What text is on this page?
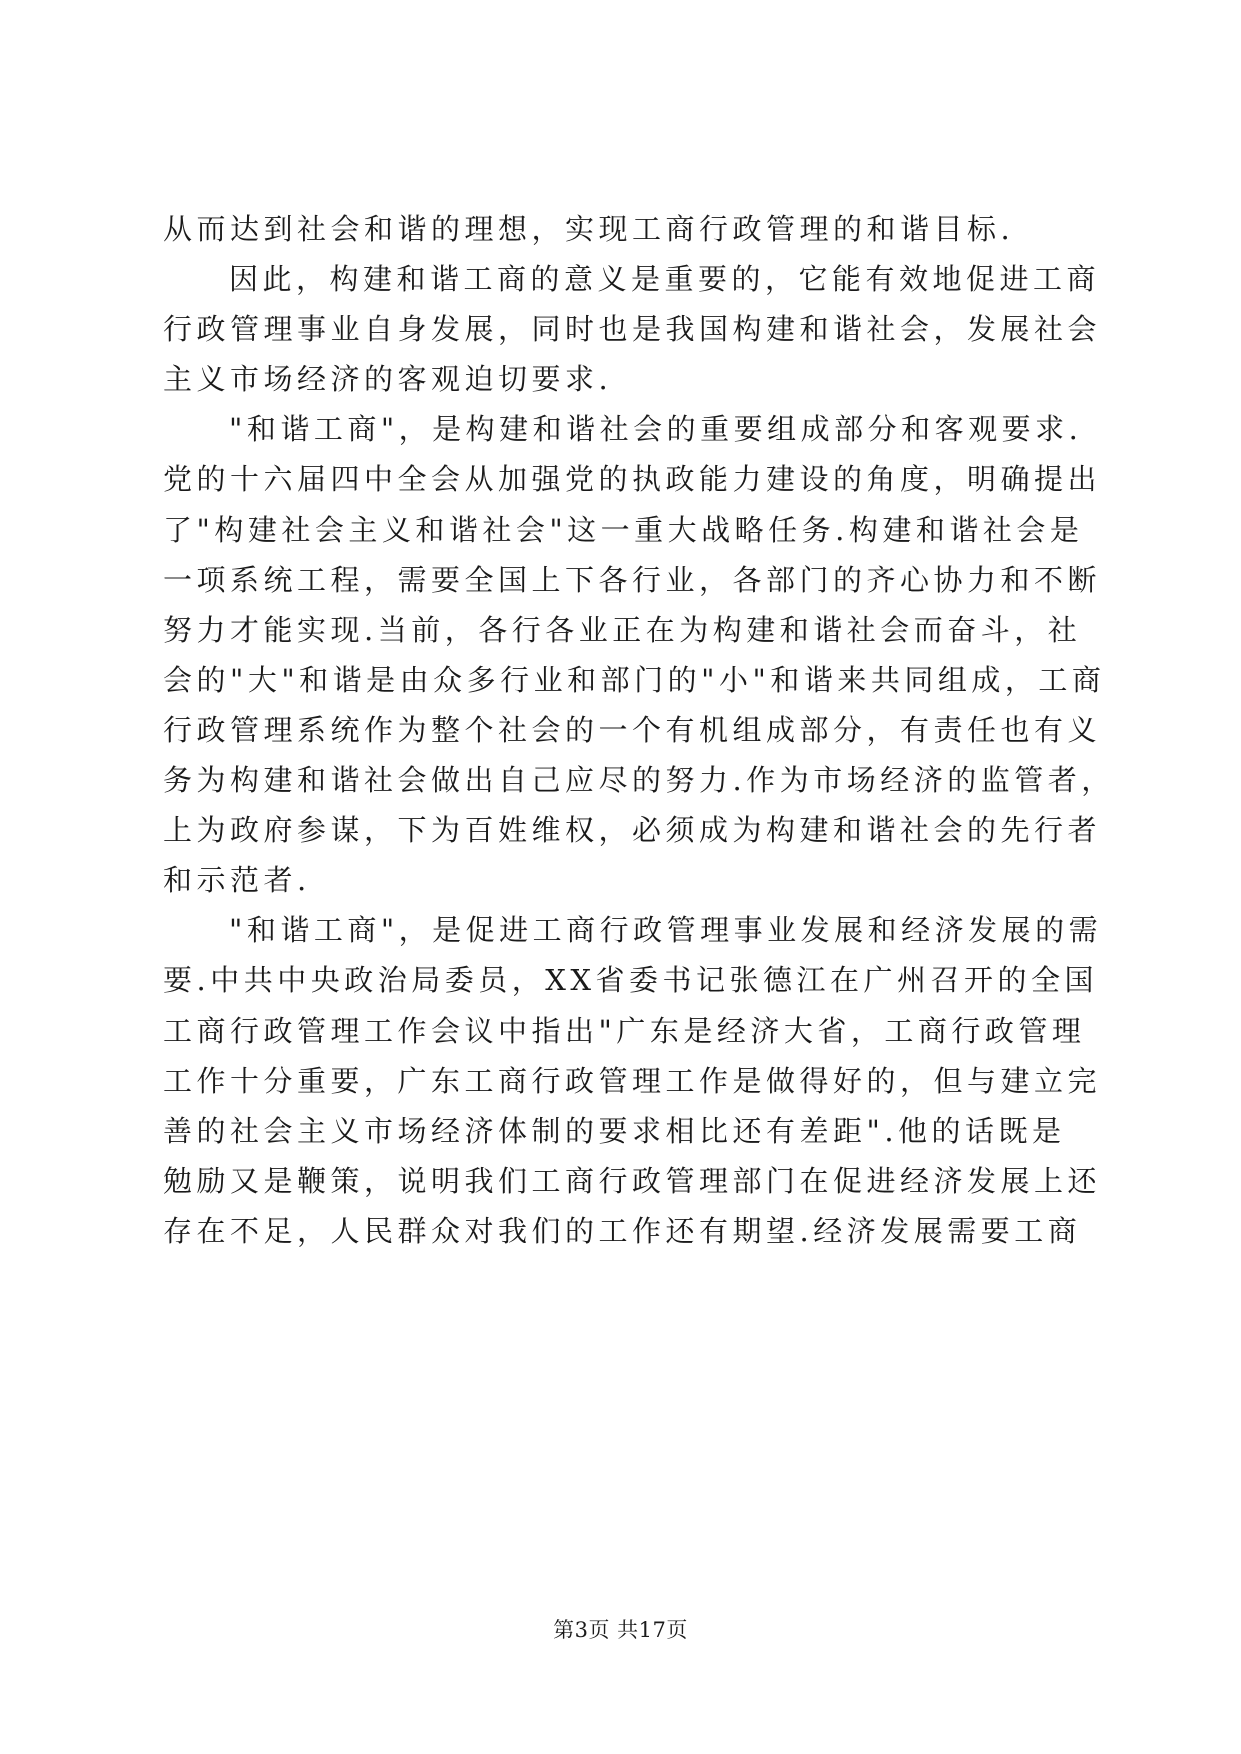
从而达到社会和谐的理想，实现工商行政管理的和谐目标.
因此，构建和谐工商的意义是重要的，它能有效地促进工商
行政管理事业自身发展，同时也是我国构建和谐社会，发展社会
主义市场经济的客观迫切要求.
"和谐工商"，是构建和谐社会的重要组成部分和客观要求.
党的十六届四中全会从加强党的执政能力建设的角度，明确提出
了"构建社会主义和谐社会"这一重大战略任务.构建和谐社会是
一项系统工程，需要全国上下各行业，各部门的齐心协力和不断
努力才能实现.当前，各行各业正在为构建和谐社会而奋斗，社
会的"大"和谐是由众多行业和部门的"小"和谐来共同组成，工商
行政管理系统作为整个社会的一个有机组成部分，有责任也有义
务为构建和谐社会做出自己应尽的努力.作为市场经济的监管者，
上为政府参谋，下为百姓维权，必须成为构建和谐社会的先行者
和示范者.
"和谐工商"，是促进工商行政管理事业发展和经济发展的需
要.中共中央政治局委员，XX省委书记张德江在广州召开的全国
工商行政管理工作会议中指出"广东是经济大省，工商行政管理
工作十分重要，广东工商行政管理工作是做得好的，但与建立完
善的社会主义市场经济体制的要求相比还有差距".他的话既是
勉励又是鞭策，说明我们工商行政管理部门在促进经济发展上还
存在不足，人民群众对我们的工作还有期望.经济发展需要工商
第3页 共17页
